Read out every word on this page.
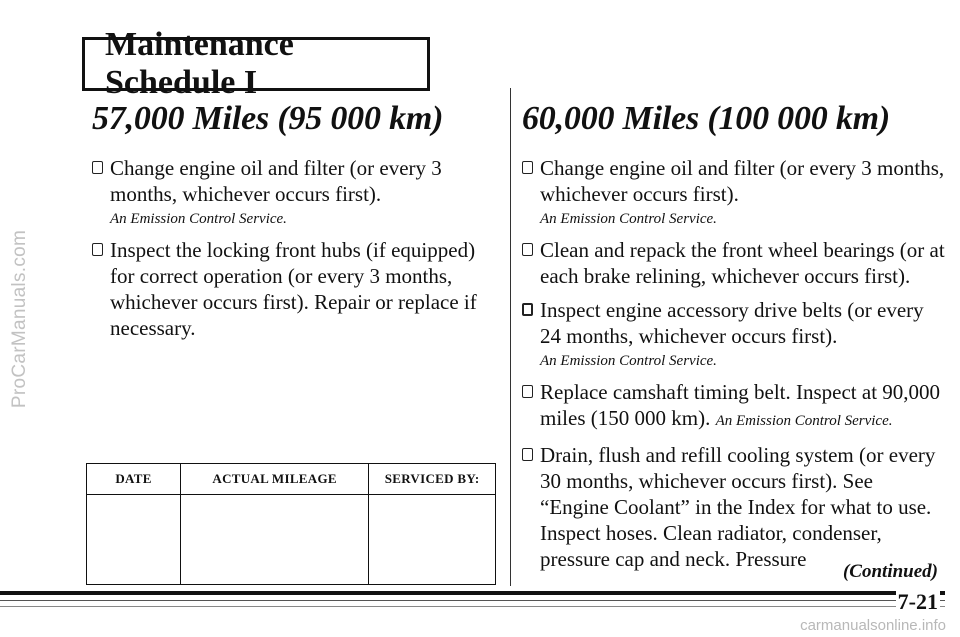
ProCarManuals.com
Maintenance Schedule I
57,000 Miles (95 000 km)
Change engine oil and filter (or every 3 months, whichever occurs first).
An Emission Control Service.
Inspect the locking front hubs (if equipped) for correct operation (or every 3 months, whichever occurs first). Repair or replace if necessary.
DATE	ACTUAL MILEAGE	SERVICED BY:

60,000 Miles (100 000 km)
Change engine oil and filter (or every 3 months, whichever occurs first).
An Emission Control Service.
Clean and repack the front wheel bearings (or at each brake relining, whichever occurs first).
Inspect engine accessory drive belts (or every 24 months, whichever occurs first).
An Emission Control Service.
Replace camshaft timing belt. Inspect at 90,000 miles (150 000 km). An Emission Control Service.
Drain, flush and refill cooling system (or every 30 months, whichever occurs first). See “Engine Coolant” in the Index for what to use. Inspect hoses. Clean radiator, condenser, pressure cap and neck. Pressure
(Continued)
7-21
carmanualsonline.info
